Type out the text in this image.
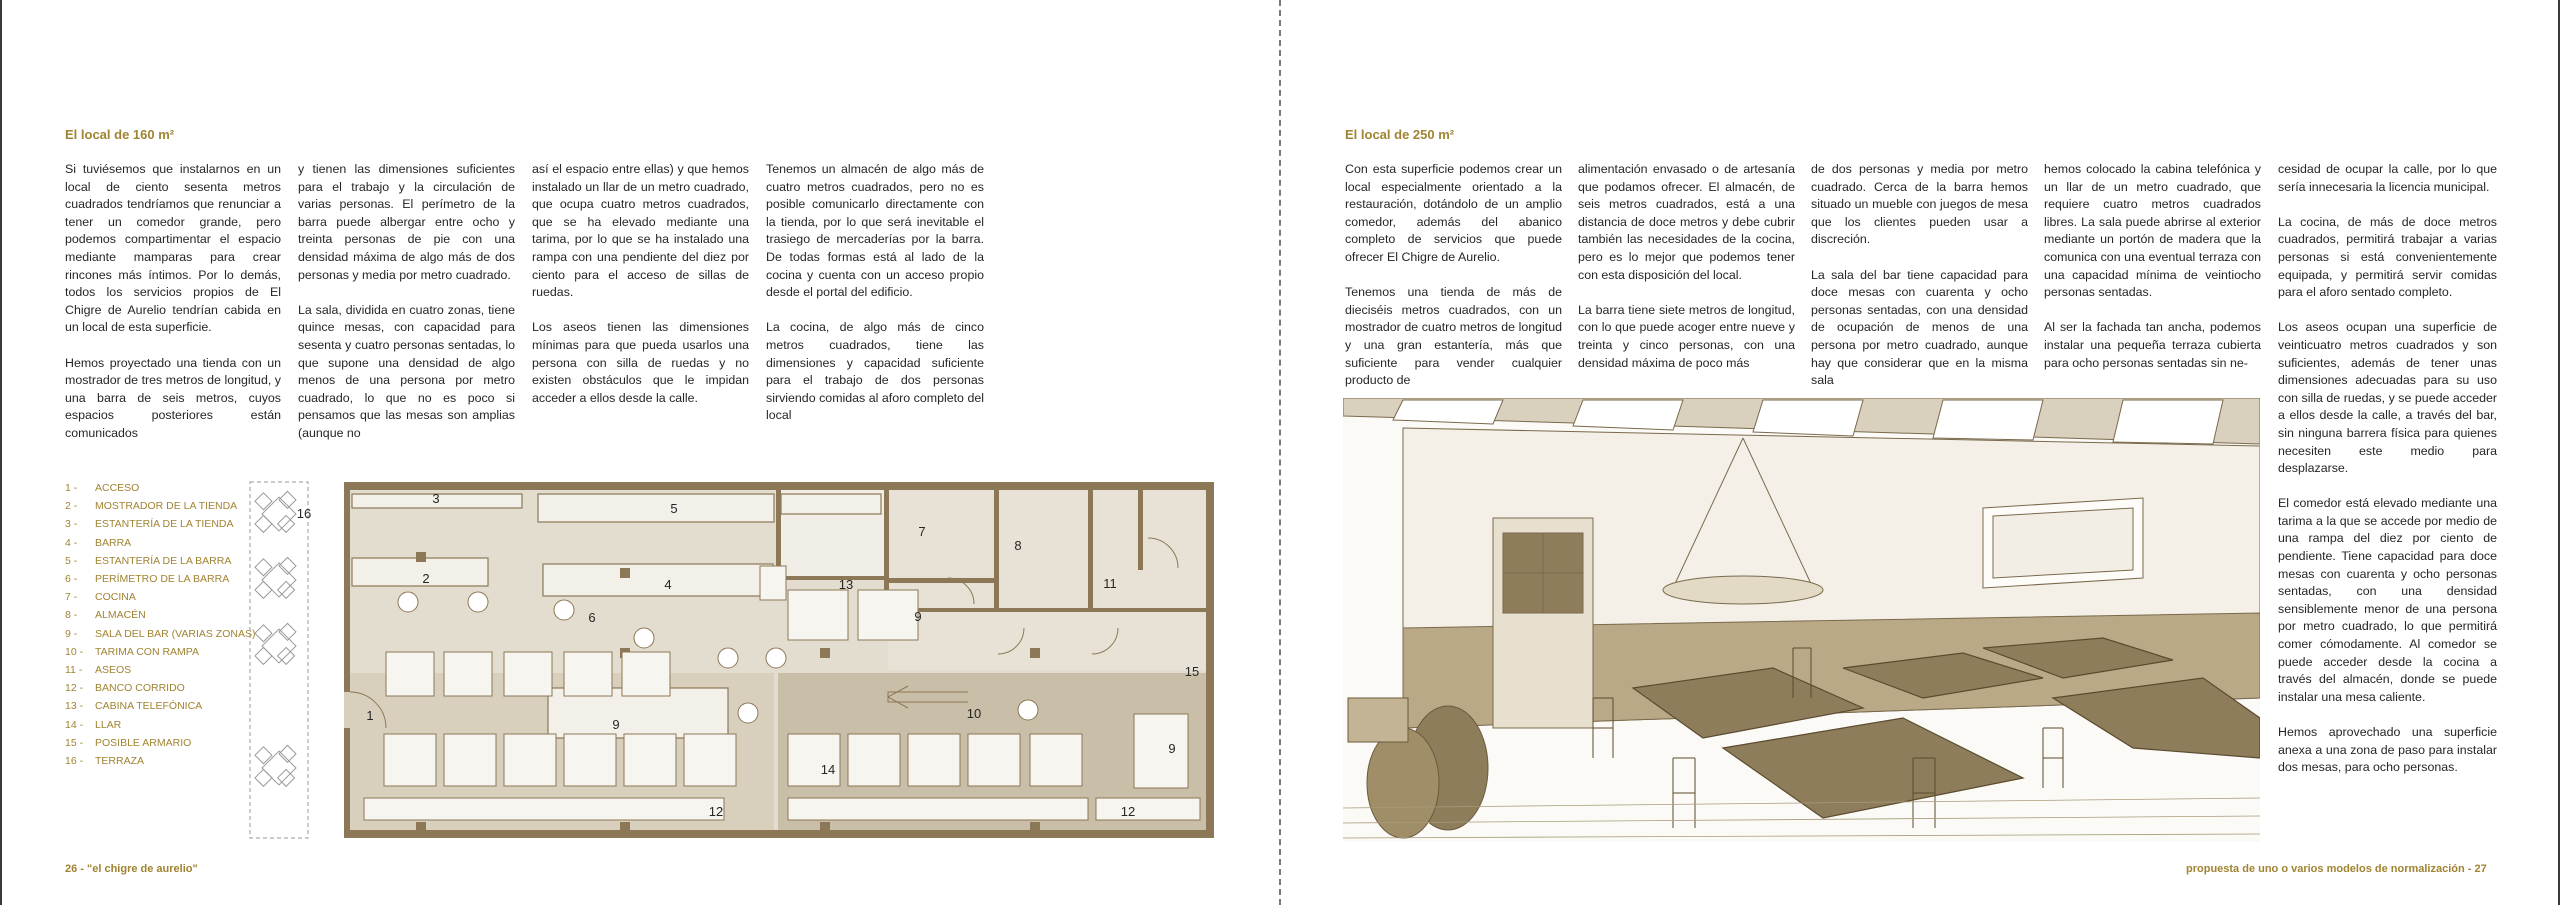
El local de 160 m²

Si tuviésemos que instalarnos en un local de ciento sesenta metros cuadrados tendríamos que renunciar a tener un comedor grande, pero podemos compartimentar el espacio mediante mamparas para crear rincones más íntimos. Por lo demás, todos los servicios propios de El Chigre de Aurelio tendrían cabida en un local de esta superficie.

Hemos proyectado una tienda con un mostrador de tres metros de longitud, y una barra de seis metros, cuyos espacios posteriores están comunicados

y tienen las dimensiones suficientes para el trabajo y la circulación de varias personas. El perímetro de la barra puede albergar entre ocho y treinta personas de pie con una densidad máxima de algo más de dos personas y media por metro cuadrado.

La sala, dividida en cuatro zonas, tiene quince mesas, con capacidad para sesenta y cuatro personas sentadas, lo que supone una densidad de algo menos de una persona por metro cuadrado, lo que no es poco si pensamos que las mesas son amplias (aunque no

así el espacio entre ellas) y que hemos instalado un llar de un metro cuadrado, que ocupa cuatro metros cuadrados, que se ha elevado mediante una tarima, por lo que se ha instalado una rampa con una pendiente del diez por ciento para el acceso de sillas de ruedas.

Los aseos tienen las dimensiones mínimas para que pueda usarlos una persona con silla de ruedas y no existen obstáculos que le impidan acceder a ellos desde la calle.

Tenemos un almacén de algo más de cuatro metros cuadrados, pero no es posible comunicarlo directamente con la tienda, por lo que será inevitable el trasiego de mercaderías por la barra. De todas formas está al lado de la cocina y cuenta con un acceso propio desde el portal del edificio.

La cocina, de algo más de cinco metros cuadrados, tiene las dimensiones y capacidad suficiente para el trabajo de dos personas sirviendo comidas al aforo completo del local

1 -	ACCESO
2 -	MOSTRADOR DE LA TIENDA
3 -	ESTANTERÍA DE LA TIENDA
4 -	BARRA
5 -	ESTANTERÍA DE LA BARRA
6 -	PERÍMETRO DE LA BARRA
7 -	COCINA
8 -	ALMACÉN
9 -	SALA DEL BAR (VARIAS ZONAS)
10 -	TARIMA CON RAMPA
11 -	ASEOS
12 -	BANCO CORRIDO
13 -	CABINA TELEFÓNICA
14 -	LLAR
15 -	POSIBLE ARMARIO
16 -	TERRAZA
1
2
3
4
5
6
7
8
9
9
9
10
11
12	12
13
14
15
16
26 - "el chigre de aurelio"
El local de 250 m²

Con esta superficie podemos crear un local especialmente orientado a la restauración, dotándolo de un amplio comedor, además del abanico completo de servicios que puede ofrecer El Chigre de Aurelio.

Tenemos una tienda de más de dieciséis metros cuadrados, con un mostrador de cuatro metros de longitud y una gran estantería, más que suficiente para vender cualquier producto de

alimentación envasado o de artesanía que podamos ofrecer. El almacén, de seis metros cuadrados, está a una distancia de doce metros y debe cubrir también las necesidades de la cocina, pero es lo mejor que podemos tener con esta disposición del local.

La barra tiene siete metros de longitud, con lo que puede acoger entre nueve y treinta y cinco personas, con una densidad máxima de poco más

de dos personas y media por metro cuadrado. Cerca de la barra hemos situado un mueble con juegos de mesa que los clientes pueden usar a discreción.

La sala del bar tiene capacidad para doce mesas con cuarenta y ocho personas sentadas, con una densidad de ocupación de menos de una persona por metro cuadrado, aunque hay que considerar que en la misma sala

hemos colocado la cabina telefónica y un llar de un metro cuadrado, que requiere cuatro metros cuadrados libres. La sala puede abrirse al exterior mediante un portón de madera que la comunica con una eventual terraza con una capacidad mínima de veintiocho personas sentadas.

Al ser la fachada tan ancha, podemos instalar una pequeña terraza cubierta para ocho personas sentadas sin ne-

cesidad de ocupar la calle, por lo que sería innecesaria la licencia municipal.

La cocina, de más de doce metros cuadrados, permitirá trabajar a varias personas si está convenientemente equipada, y permitirá servir comidas para el aforo sentado completo.

Los aseos ocupan una superficie de veinticuatro metros cuadrados y son suficientes, además de tener unas dimensiones adecuadas para su uso con silla de ruedas, y se puede acceder a ellos desde la calle, a través del bar, sin ninguna barrera física para quienes necesiten este medio para desplazarse.

El comedor está elevado mediante una tarima a la que se accede por medio de una rampa del diez por ciento de pendiente. Tiene capacidad para doce mesas con cuarenta y ocho personas sentadas, con una densidad sensiblemente menor de una persona por metro cuadrado, lo que permitirá comer cómodamente. Al comedor se puede acceder desde la cocina a través del almacén, donde se puede instalar una mesa caliente.

Hemos aprovechado una superficie anexa a una zona de paso para instalar dos mesas, para ocho personas.

propuesta de uno o varios modelos de normalización - 27
